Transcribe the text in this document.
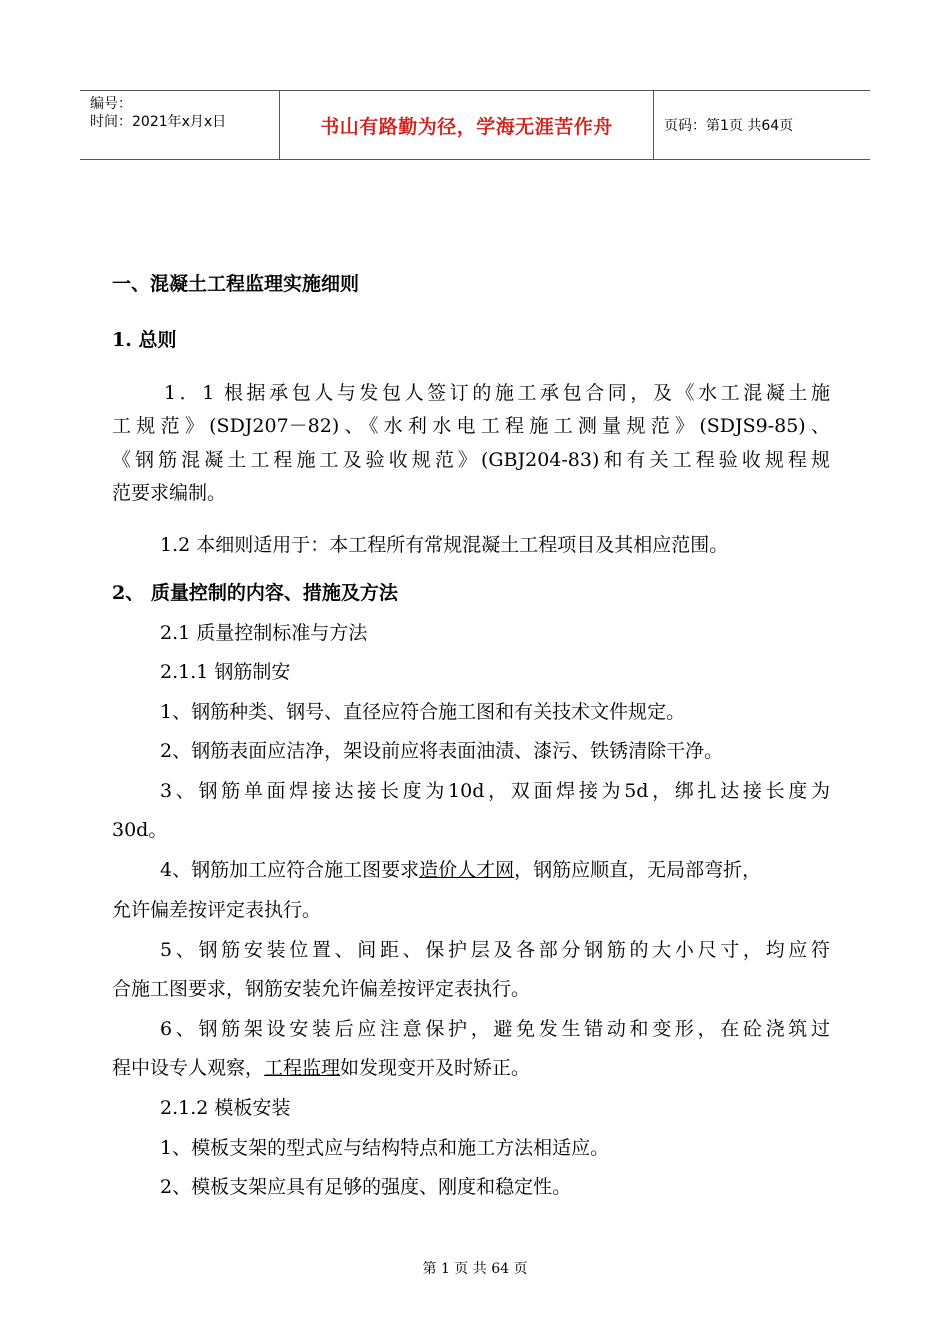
编号：
时间：2021年x月x日	书山有路勤为径，学海无涯苦作舟	页码：第1页 共64页
一、混凝土工程监理实施细则
1. 总则
1．1 根据承包人与发包人签订的施工承包合同，及《水工混凝土施
工规范》(SDJ207－82)、《水利水电工程施工测量规范》(SDJS9-85)、
《钢筋混凝土工程施工及验收规范》(GBJ204-83)和有关工程验收规程规
范要求编制。
1.2 本细则适用于：本工程所有常规混凝土工程项目及其相应范围。
2、 质量控制的内容、措施及方法
2.1 质量控制标准与方法
2.1.1 钢筋制安
1、钢筋种类、钢号、直径应符合施工图和有关技术文件规定。
2、钢筋表面应洁净，架设前应将表面油渍、漆污、铁锈清除干净。
3、钢筋单面焊接达接长度为10d，双面焊接为5d，绑扎达接长度为
30d。
4、钢筋加工应符合施工图要求造价人才网，钢筋应顺直，无局部弯折，
允许偏差按评定表执行。
5、钢筋安装位置、间距、保护层及各部分钢筋的大小尺寸，均应符
合施工图要求，钢筋安装允许偏差按评定表执行。
6、钢筋架设安装后应注意保护，避免发生错动和变形，在砼浇筑过
程中设专人观察，工程监理如发现变开及时矫正。
2.1.2 模板安装
1、模板支架的型式应与结构特点和施工方法相适应。
2、模板支架应具有足够的强度、刚度和稳定性。
第 1 页 共 64 页
